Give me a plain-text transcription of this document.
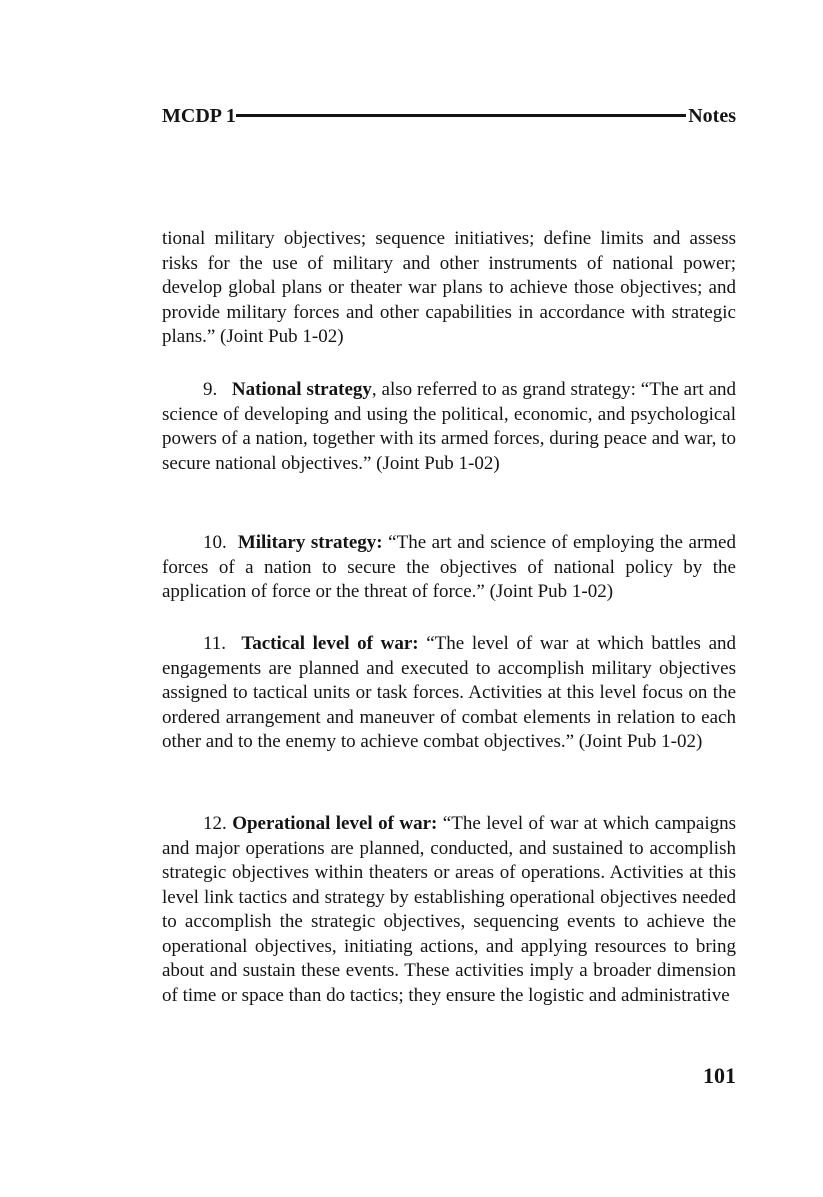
MCDP 1	Notes

tional military objectives; sequence initiatives; define limits and assess risks for the use of military and other instruments of national power; develop global plans or theater war plans to achieve those objectives; and provide military forces and other capabilities in accordance with strategic plans.” (Joint Pub 1-02)

9. National strategy, also referred to as grand strategy: “The art and science of developing and using the political, economic, and psychological powers of a nation, together with its armed forces, during peace and war, to secure national objectives.” (Joint Pub 1-02)

10. Military strategy: “The art and science of employing the armed forces of a nation to secure the objectives of national policy by the application of force or the threat of force.” (Joint Pub 1-02)

11. Tactical level of war: “The level of war at which battles and engagements are planned and executed to accomplish military objectives assigned to tactical units or task forces. Activities at this level focus on the ordered arrangement and maneuver of combat elements in relation to each other and to the enemy to achieve combat objectives.” (Joint Pub 1-02)

12. Operational level of war: “The level of war at which campaigns and major operations are planned, conducted, and sustained to accomplish strategic objectives within theaters or areas of operations. Activities at this level link tactics and strategy by establishing operational objectives needed to accomplish the strategic objectives, sequencing events to achieve the operational objectives, initiating actions, and applying resources to bring about and sustain these events. These activities imply a broader dimension of time or space than do tactics; they ensure the logistic and administrative

101
